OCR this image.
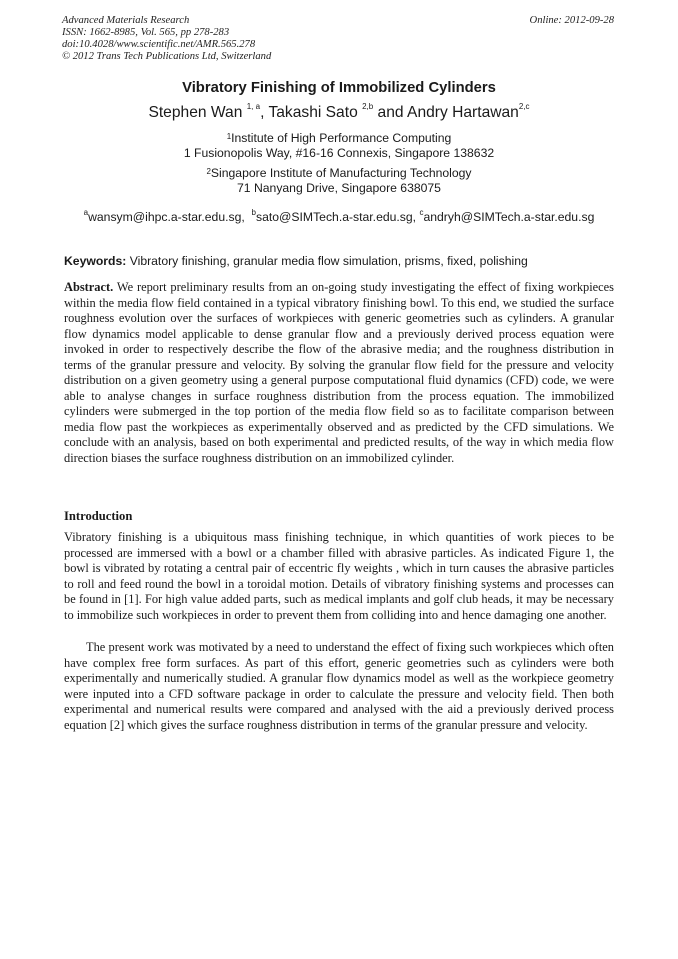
Advanced Materials Research
ISSN: 1662-8985, Vol. 565, pp 278-283
doi:10.4028/www.scientific.net/AMR.565.278
© 2012 Trans Tech Publications Ltd, Switzerland
Online: 2012-09-28
Vibratory Finishing of Immobilized Cylinders
Stephen Wan $^{1, a}$, Takashi Sato $^{2,b}$ and Andry Hartawan$^{2,c}$
$^1$Institute of High Performance Computing
1 Fusionopolis Way, #16-16 Connexis, Singapore 138632
$^2$Singapore Institute of Manufacturing Technology
71 Nanyang Drive, Singapore 638075
$^a$wansym@ihpc.a-star.edu.sg, $^b$sato@SIMTech.a-star.edu.sg, $^c$andryh@SIMTech.a-star.edu.sg
Keywords: Vibratory finishing, granular media flow simulation, prisms, fixed, polishing

Abstract. We report preliminary results from an on-going study investigating the effect of fixing workpieces within the media flow field contained in a typical vibratory finishing bowl. To this end, we studied the surface roughness evolution over the surfaces of workpieces with generic geometries such as cylinders. A granular flow dynamics model applicable to dense granular flow and a previously derived process equation were invoked in order to respectively describe the flow of the abrasive media; and the roughness distribution in terms of the granular pressure and velocity. By solving the granular flow field for the pressure and velocity distribution on a given geometry using a general purpose computational fluid dynamics (CFD) code, we were able to analyse changes in surface roughness distribution from the process equation. The immobilized cylinders were submerged in the top portion of the media flow field so as to facilitate comparison between media flow past the workpieces as experimentally observed and as predicted by the CFD simulations. We conclude with an analysis, based on both experimental and predicted results, of the way in which media flow direction biases the surface roughness distribution on an immobilized cylinder.

Introduction
Vibratory finishing is a ubiquitous mass finishing technique, in which quantities of work pieces to be processed are immersed with a bowl or a chamber filled with abrasive particles. As indicated Figure 1, the bowl is vibrated by rotating a central pair of eccentric fly weights , which in turn causes the abrasive particles to roll and feed round the bowl in a toroidal motion. Details of vibratory finishing systems and processes can be found in [1]. For high value added parts, such as medical implants and golf club heads, it may be necessary to immobilize such workpieces in order to prevent them from colliding into and hence damaging one another.
The present work was motivated by a need to understand the effect of fixing such workpieces which often have complex free form surfaces. As part of this effort, generic geometries such as cylinders were both experimentally and numerically studied. A granular flow dynamics model as well as the workpiece geometry were inputed into a CFD software package in order to calculate the pressure and velocity field. Then both experimental and numerical results were compared and analysed with the aid a previously derived process equation [2] which gives the surface roughness distribution in terms of the granular pressure and velocity.
